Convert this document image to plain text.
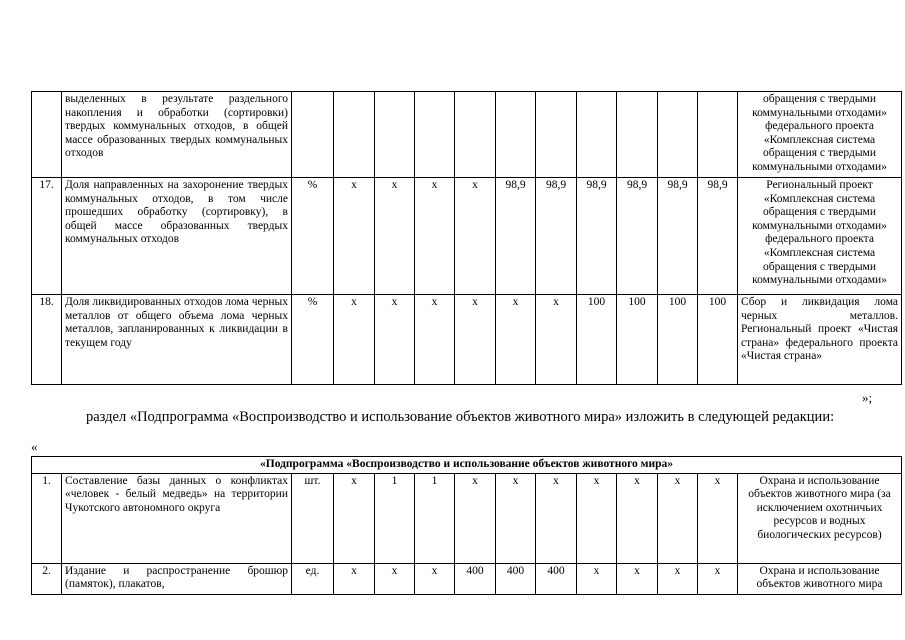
	выделенных в результате раздельного накопления и обработки (сортировки) твердых коммунальных отходов, в общей массе образованных твердых коммунальных отходов												обращения с твердыми коммунальными отходами» федерального проекта «Комплексная система обращения с твердыми коммунальными отходами»
17.	Доля направленных на захоронение твердых коммунальных отходов, в том числе прошедших обработку (сортировку), в общей массе образованных твердых коммунальных отходов	%	х	х	х	х	98,9	98,9	98,9	98,9	98,9	98,9	Региональный проект «Комплексная система обращения с твердыми коммунальными отходами» федерального проекта «Комплексная система обращения с твердыми коммунальными отходами»
18.	Доля ликвидированных отходов лома черных металлов от общего объема лома черных металлов, запланированных к ликвидации в текущем году	%	х	х	х	х	х	х	100	100	100	100	Сбор и ликвидация лома черных металлов. Региональный проект «Чистая страна» федерального проекта «Чистая страна»
»;
раздел «Подпрограмма «Воспроизводство и использование объектов животного мира» изложить в следующей редакции:
«
«Подпрограмма «Воспроизводство и использование объектов животного мира»													
1.	Составление базы данных о конфликтах «человек - белый медведь» на территории Чукотского автономного округа	шт.	х	1	1	х	х	х	х	х	х	х	Охрана и использование объектов животного мира (за исключением охотничьих ресурсов и водных биологических ресурсов)
2.	Издание и распространение брошюр (памяток), плакатов,	ед.	х	х	х	400	400	400	х	х	х	х	Охрана и использование объектов животного мира
